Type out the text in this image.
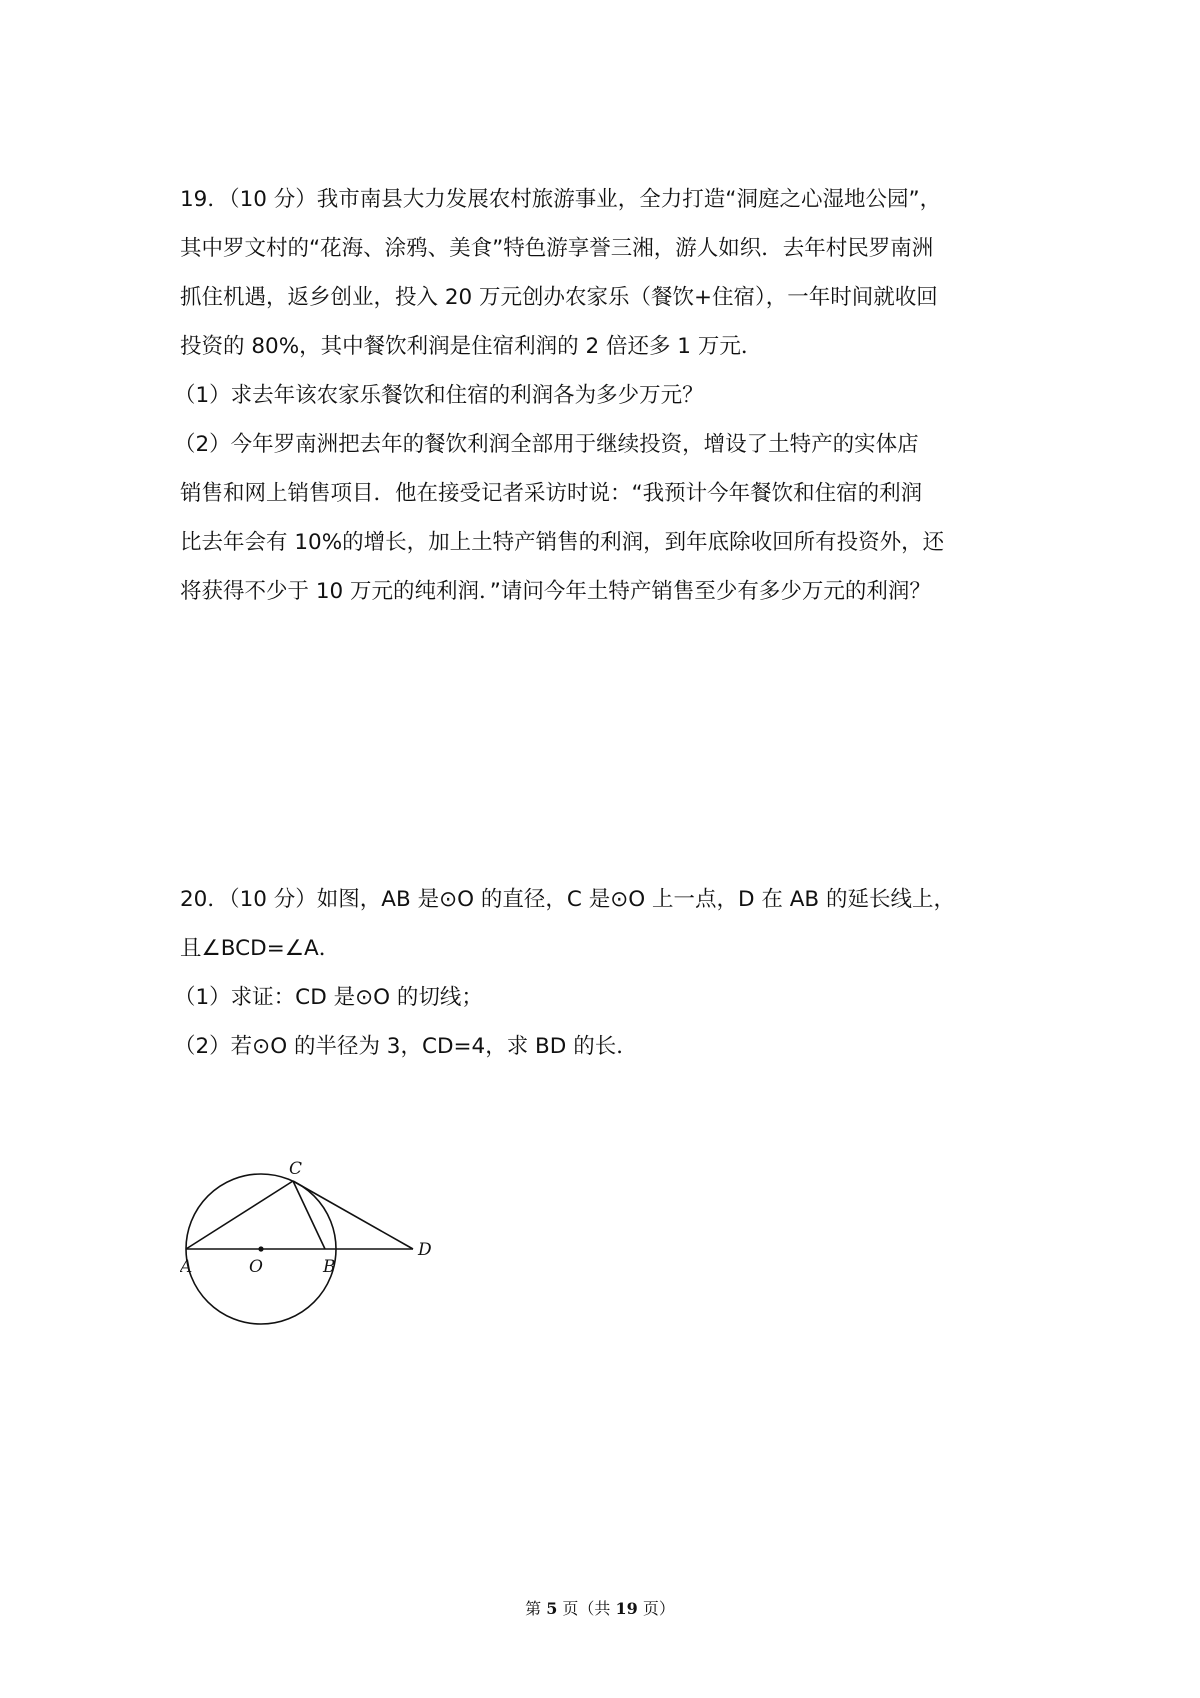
19．（10 分）我市南县大力发展农村旅游事业，全力打造“洞庭之心湿地公园”，
其中罗文村的“花海、涂鸦、美食”特色游享誉三湘，游人如织．去年村民罗南洲
抓住机遇，返乡创业，投入 20 万元创办农家乐（餐饮+住宿），一年时间就收回
投资的 80%，其中餐饮利润是住宿利润的 2 倍还多 1 万元．
（1）求去年该农家乐餐饮和住宿的利润各为多少万元？
（2）今年罗南洲把去年的餐饮利润全部用于继续投资，增设了土特产的实体店
销售和网上销售项目．他在接受记者采访时说：“我预计今年餐饮和住宿的利润
比去年会有 10%的增长，加上土特产销售的利润，到年底除收回所有投资外，还
将获得不少于 10 万元的纯利润．”请问今年土特产销售至少有多少万元的利润？
20．（10 分）如图，AB 是⊙O 的直径，C 是⊙O 上一点，D 在 AB 的延长线上，
且∠BCD=∠A．
（1）求证：CD 是⊙O 的切线；
（2）若⊙O 的半径为 3，CD=4，求 BD 的长．
A	O	B
C
D
第 5 页（共 19 页）
